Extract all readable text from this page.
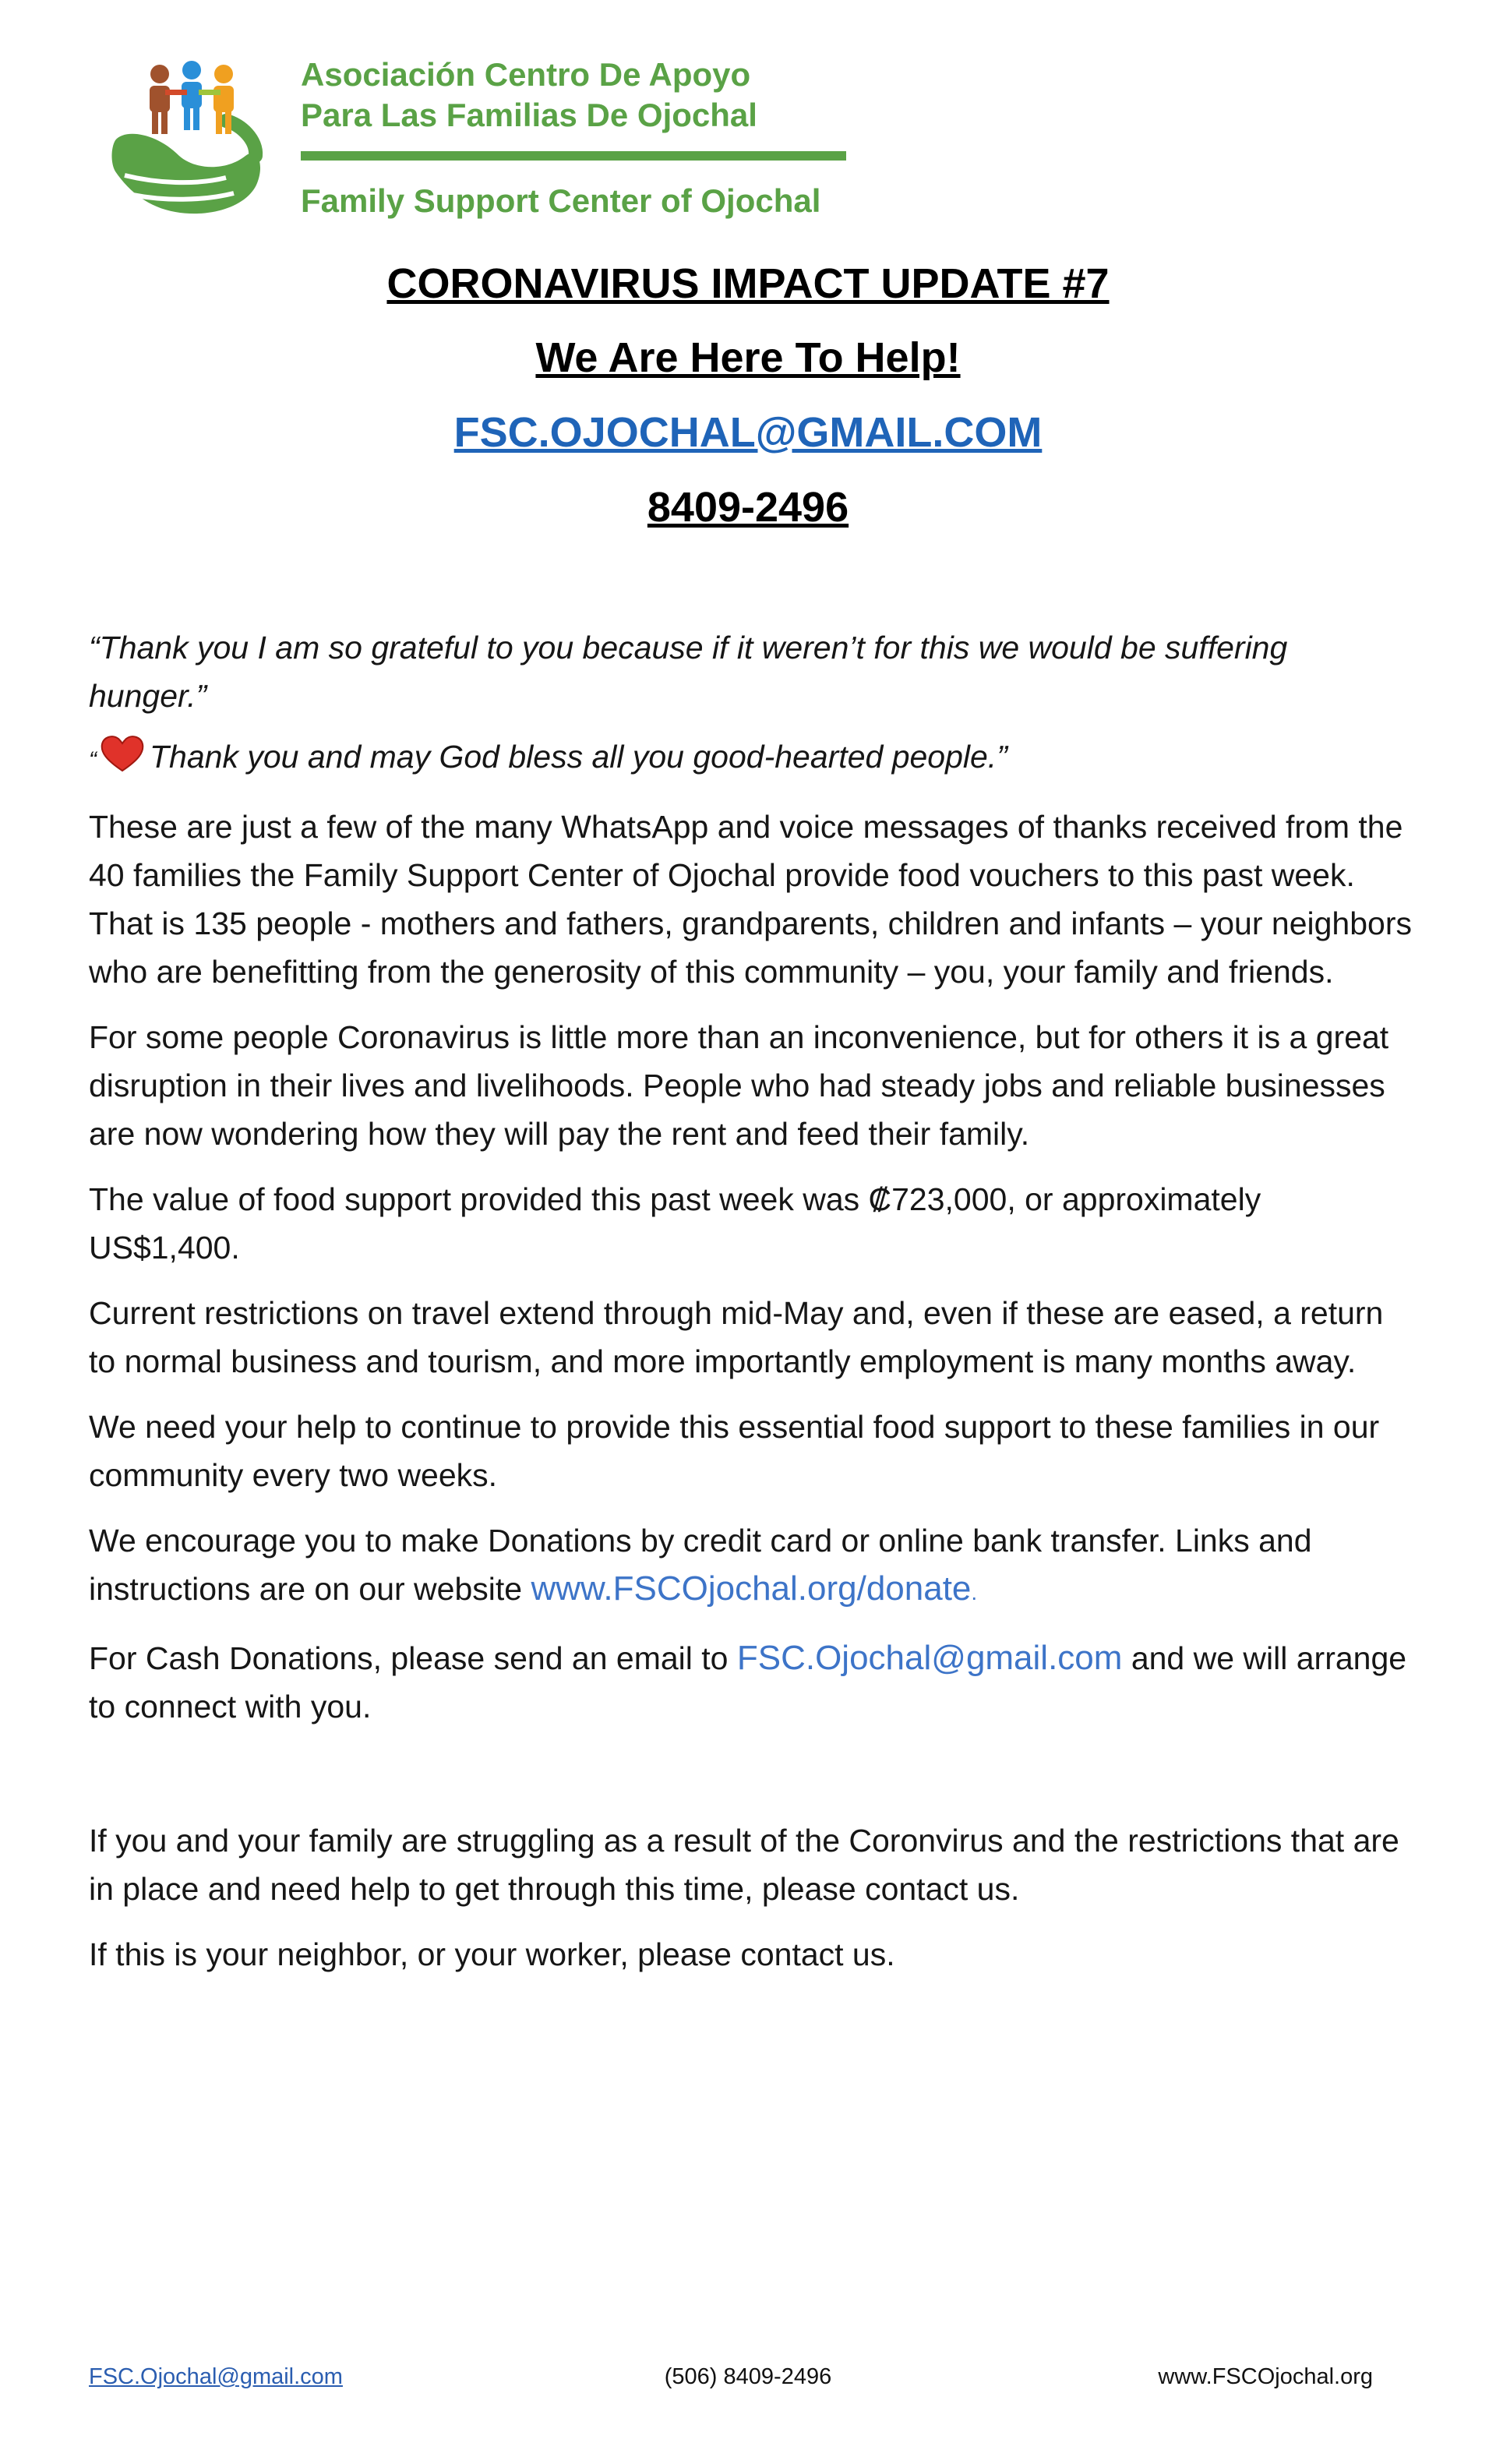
Asociación Centro De Apoyo
Para Las Familias De Ojochal
Family Support Center of Ojochal
CORONAVIRUS IMPACT UPDATE #7
We Are Here To Help!
FSC.OJOCHAL@GMAIL.COM
8409-2496

“Thank you I am so grateful to you because if it weren’t for this we would be suffering hunger.”

“ Thank you and may God bless all you good-hearted people.”

These are just a few of the many WhatsApp and voice messages of thanks received from the 40 families the Family Support Center of Ojochal provide food vouchers to this past week. That is 135 people - mothers and fathers, grandparents, children and infants – your neighbors who are benefitting from the generosity of this community – you, your family and friends.

For some people Coronavirus is little more than an inconvenience, but for others it is a great disruption in their lives and livelihoods. People who had steady jobs and reliable businesses are now wondering how they will pay the rent and feed their family.

The value of food support provided this past week was ₡723,000, or approximately US$1,400.

Current restrictions on travel extend through mid-May and, even if these are eased, a return to normal business and tourism, and more importantly employment is many months away.

We need your help to continue to provide this essential food support to these families in our community every two weeks.

We encourage you to make Donations by credit card or online bank transfer. Links and instructions are on our website www.FSCOjochal.org/donate.

For Cash Donations, please send an email to FSC.Ojochal@gmail.com and we will arrange to connect with you.

If you and your family are struggling as a result of the Coronvirus and the restrictions that are in place and need help to get through this time, please contact us.

If this is your neighbor, or your worker, please contact us.

FSC.Ojochal@gmail.com	(506) 8409-2496	www.FSCOjochal.org
